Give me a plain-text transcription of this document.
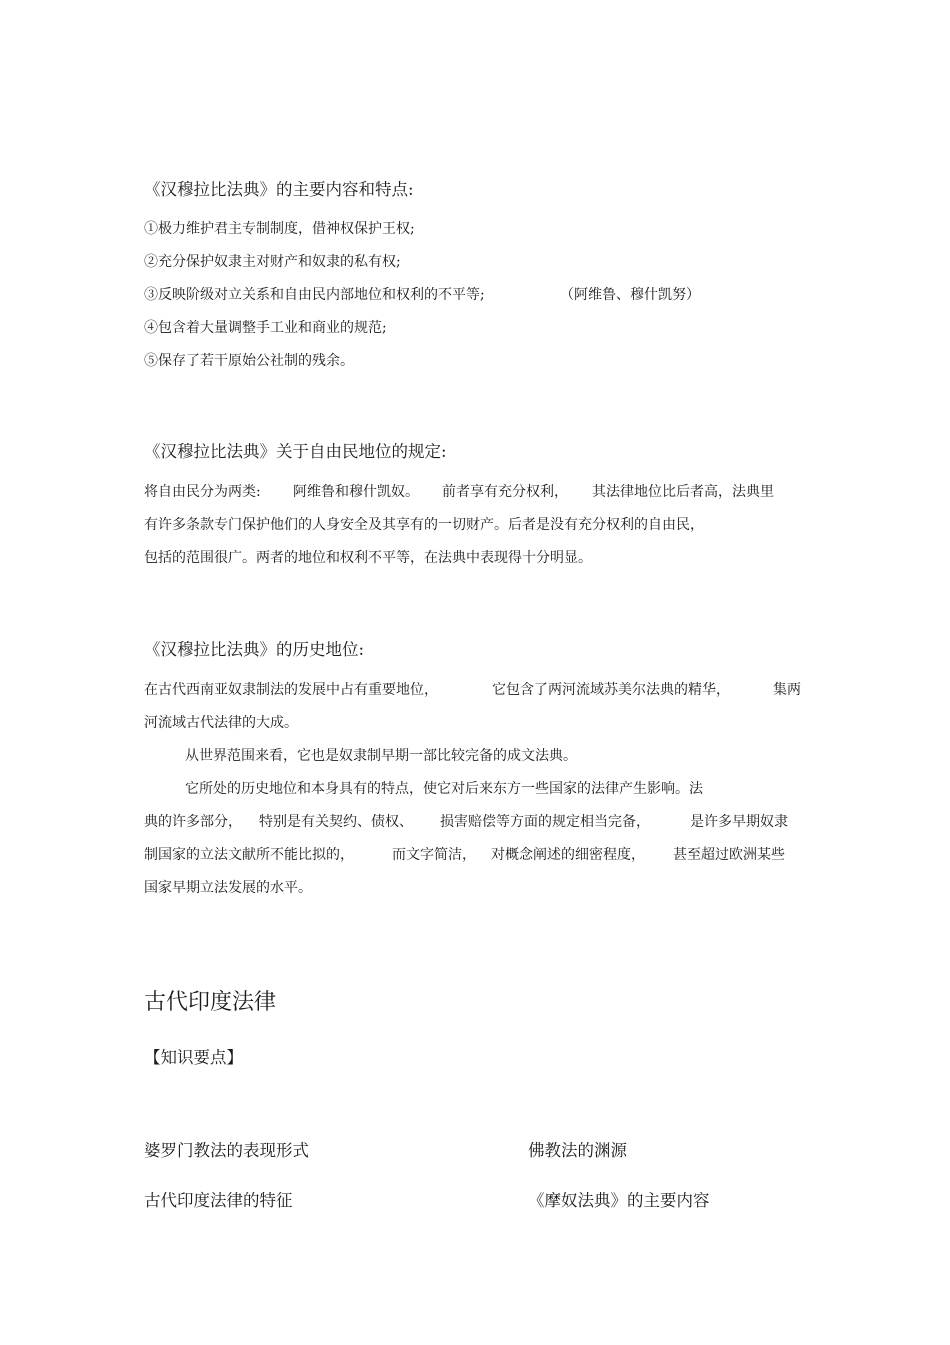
《汉穆拉比法典》的主要内容和特点:
①极力维护君主专制制度，借神权保护王权;
②充分保护奴隶主对财产和奴隶的私有权;
③反映阶级对立关系和自由民内部地位和权利的不平等;	（阿维鲁、穆什凯努）
④包含着大量调整手工业和商业的规范;
⑤保存了若干原始公社制的残余。
《汉穆拉比法典》关于自由民地位的规定:
将自由民分为两类: 阿维鲁和穆什凯奴。 前者享有充分权利， 其法律地位比后者高，法典里
有许多条款专门保护他们的人身安全及其享有的一切财产。后者是没有充分权利的自由民，
包括的范围很广。两者的地位和权利不平等，在法典中表现得十分明显。
《汉穆拉比法典》的历史地位:
在古代西南亚奴隶制法的发展中占有重要地位，	它包含了两河流域苏美尔法典的精华，	集两
河流域古代法律的大成。
从世界范围来看，它也是奴隶制早期一部比较完备的成文法典。
它所处的历史地位和本身具有的特点，使它对后来东方一些国家的法律产生影响。法
典的许多部分， 特别是有关契约、债权、 损害赔偿等方面的规定相当完备，	是许多早期奴隶
制国家的立法文献所不能比拟的，	而文字简洁， 对概念阐述的细密程度， 甚至超过欧洲某些
国家早期立法发展的水平。
古代印度法律
【知识要点】
婆罗门教法的表现形式	佛教法的渊源
古代印度法律的特征	《摩奴法典》的主要内容
